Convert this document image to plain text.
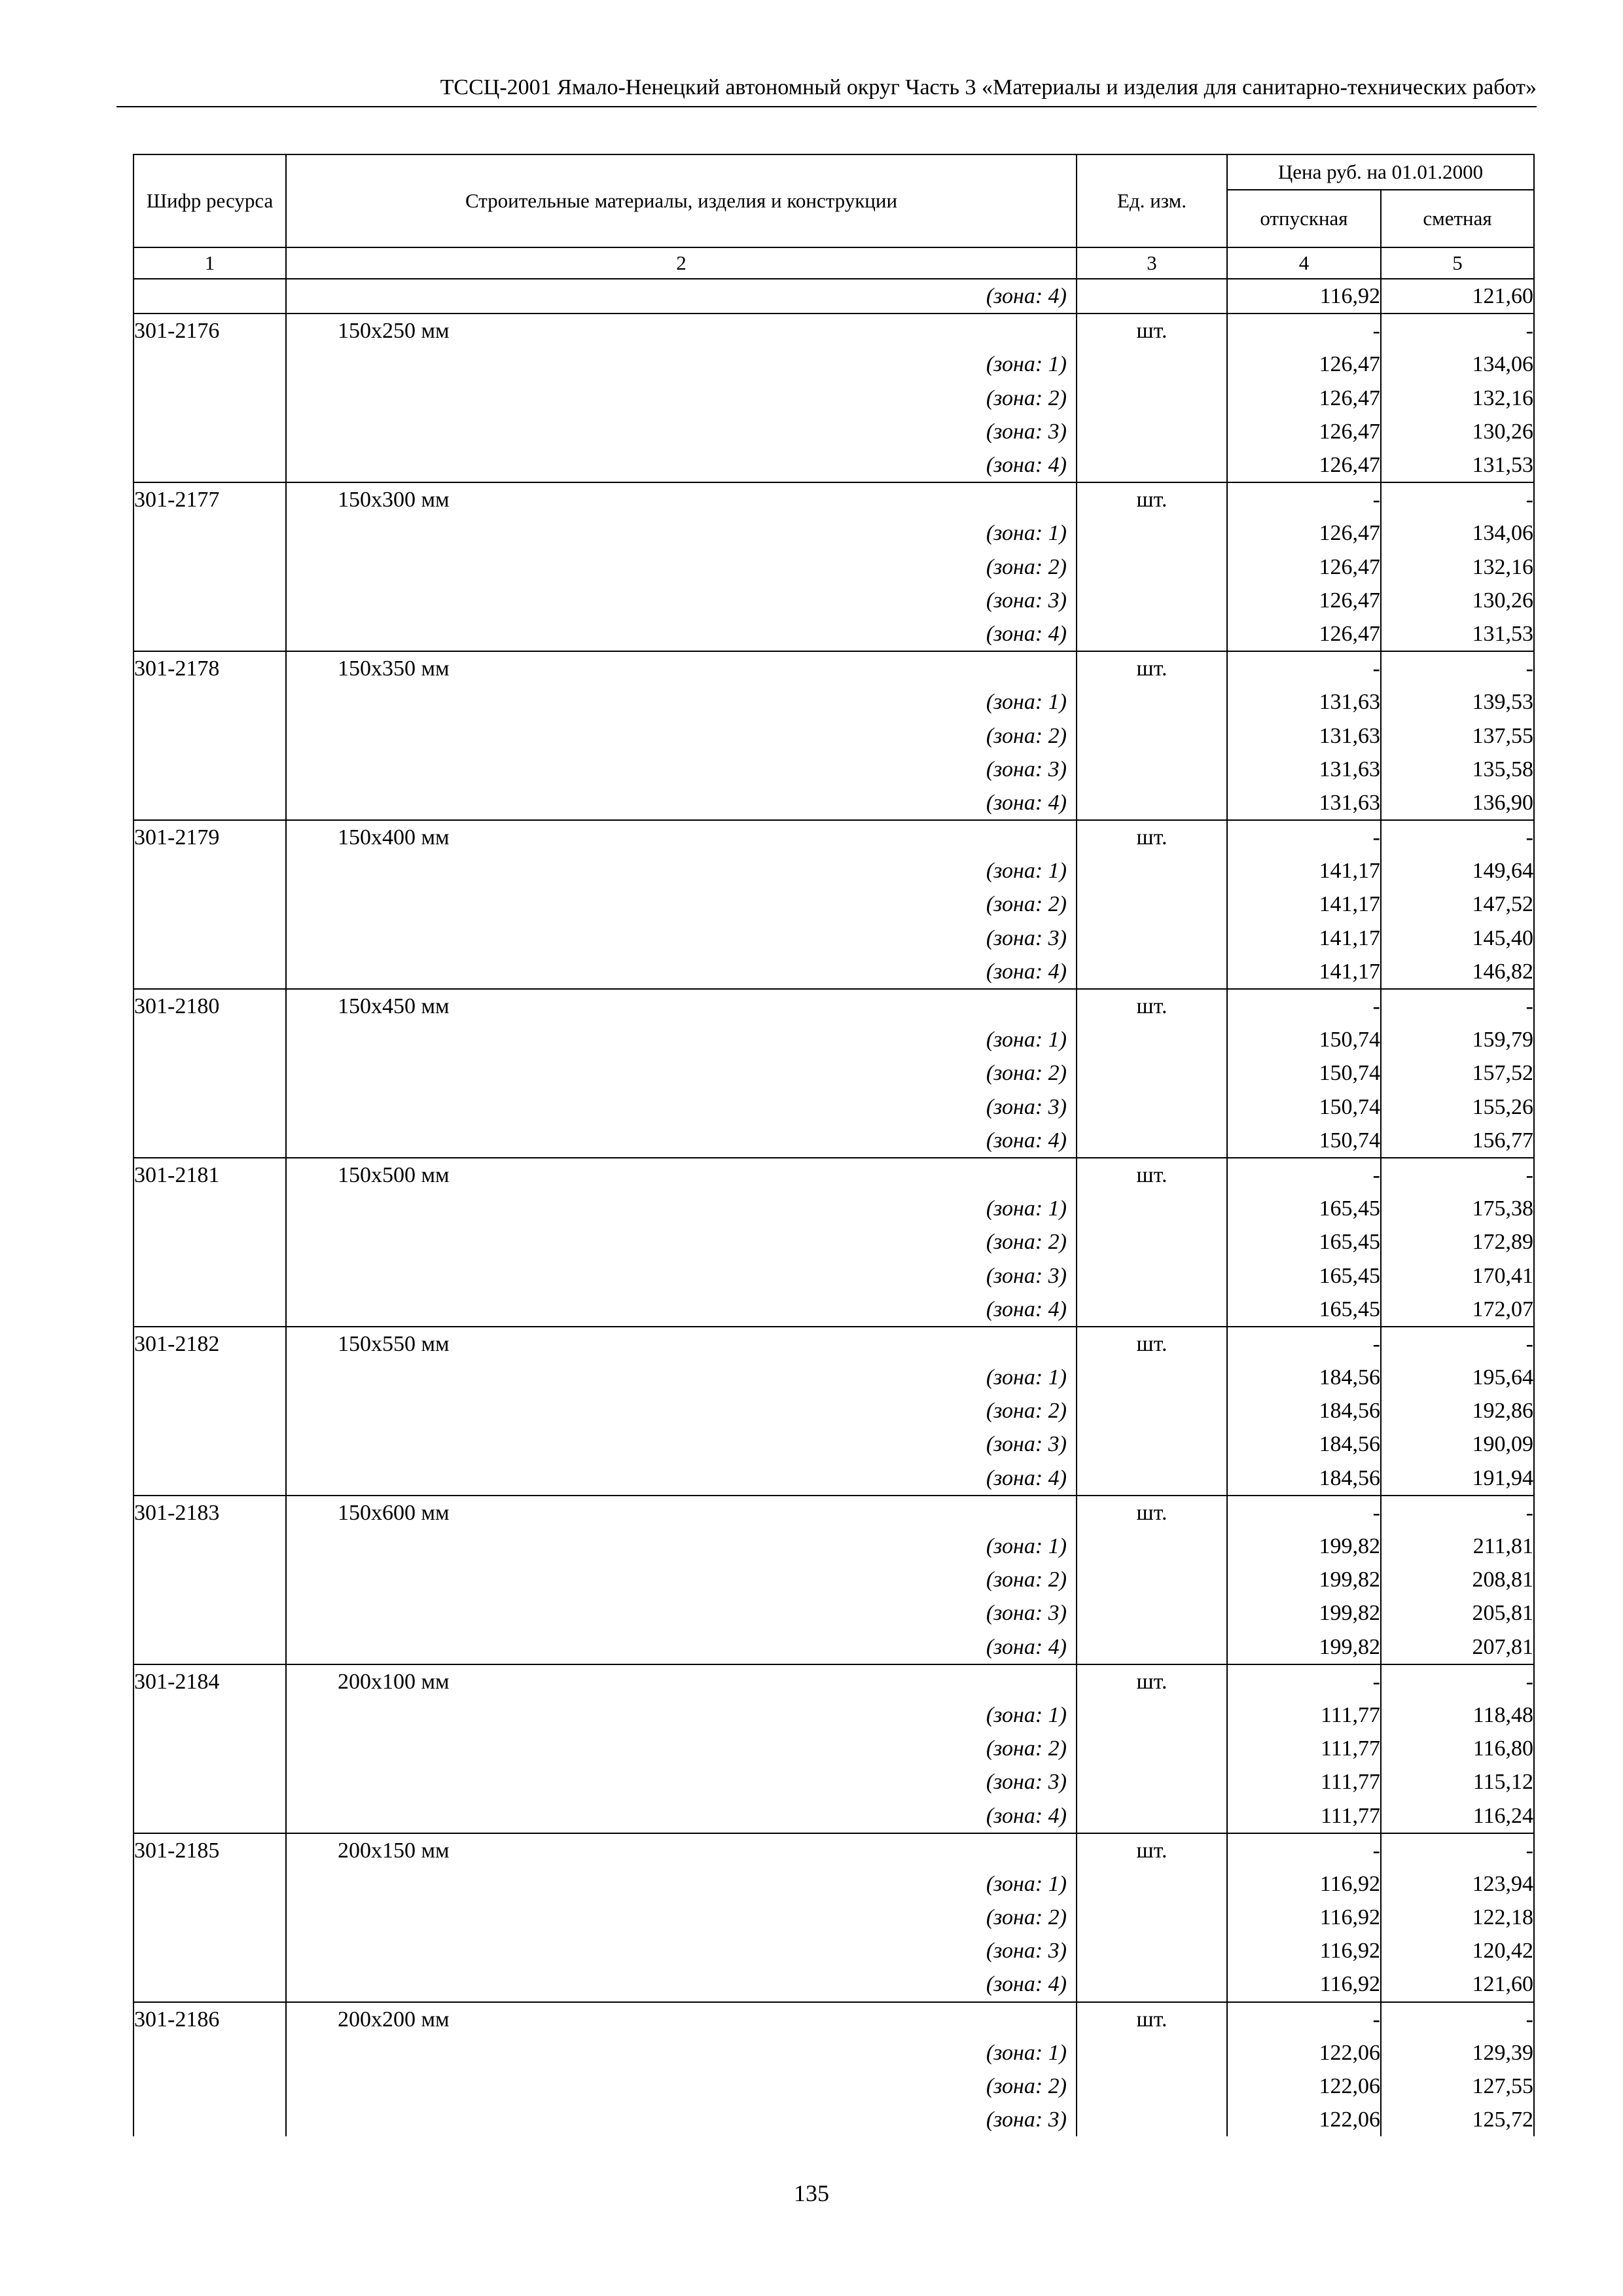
ТССЦ-2001 Ямало-Ненецкий автономный округ Часть 3 «Материалы и изделия для санитарно-технических работ»
Шифр ресурса	Строительные материалы, изделия и конструкции	Ед. изм.	Цена руб. на 01.01.2000	
			отпускная	сметная
1	2	3	4	5

	(зона: 4)		116,92	121,60
301-2176	150х250 мм	шт.	-	-

	(зона: 1)		126,47	134,06

	(зона: 2)		126,47	132,16

	(зона: 3)		126,47	130,26

	(зона: 4)		126,47	131,53
301-2177	150х300 мм	шт.	-	-

	(зона: 1)		126,47	134,06

	(зона: 2)		126,47	132,16

	(зона: 3)		126,47	130,26

	(зона: 4)		126,47	131,53
301-2178	150х350 мм	шт.	-	-

	(зона: 1)		131,63	139,53

	(зона: 2)		131,63	137,55

	(зона: 3)		131,63	135,58

	(зона: 4)		131,63	136,90
301-2179	150х400 мм	шт.	-	-

	(зона: 1)		141,17	149,64

	(зона: 2)		141,17	147,52

	(зона: 3)		141,17	145,40

	(зона: 4)		141,17	146,82
301-2180	150х450 мм	шт.	-	-

	(зона: 1)		150,74	159,79

	(зона: 2)		150,74	157,52

	(зона: 3)		150,74	155,26

	(зона: 4)		150,74	156,77
301-2181	150х500 мм	шт.	-	-

	(зона: 1)		165,45	175,38

	(зона: 2)		165,45	172,89

	(зона: 3)		165,45	170,41

	(зона: 4)		165,45	172,07
301-2182	150х550 мм	шт.	-	-

	(зона: 1)		184,56	195,64

	(зона: 2)		184,56	192,86

	(зона: 3)		184,56	190,09

	(зона: 4)		184,56	191,94
301-2183	150х600 мм	шт.	-	-

	(зона: 1)		199,82	211,81

	(зона: 2)		199,82	208,81

	(зона: 3)		199,82	205,81

	(зона: 4)		199,82	207,81
301-2184	200х100 мм	шт.	-	-

	(зона: 1)		111,77	118,48

	(зона: 2)		111,77	116,80

	(зона: 3)		111,77	115,12

	(зона: 4)		111,77	116,24
301-2185	200х150 мм	шт.	-	-

	(зона: 1)		116,92	123,94

	(зона: 2)		116,92	122,18

	(зона: 3)		116,92	120,42

	(зона: 4)		116,92	121,60
301-2186	200х200 мм	шт.	-	-

	(зона: 1)		122,06	129,39

	(зона: 2)		122,06	127,55

	(зона: 3)		122,06	125,72
135
